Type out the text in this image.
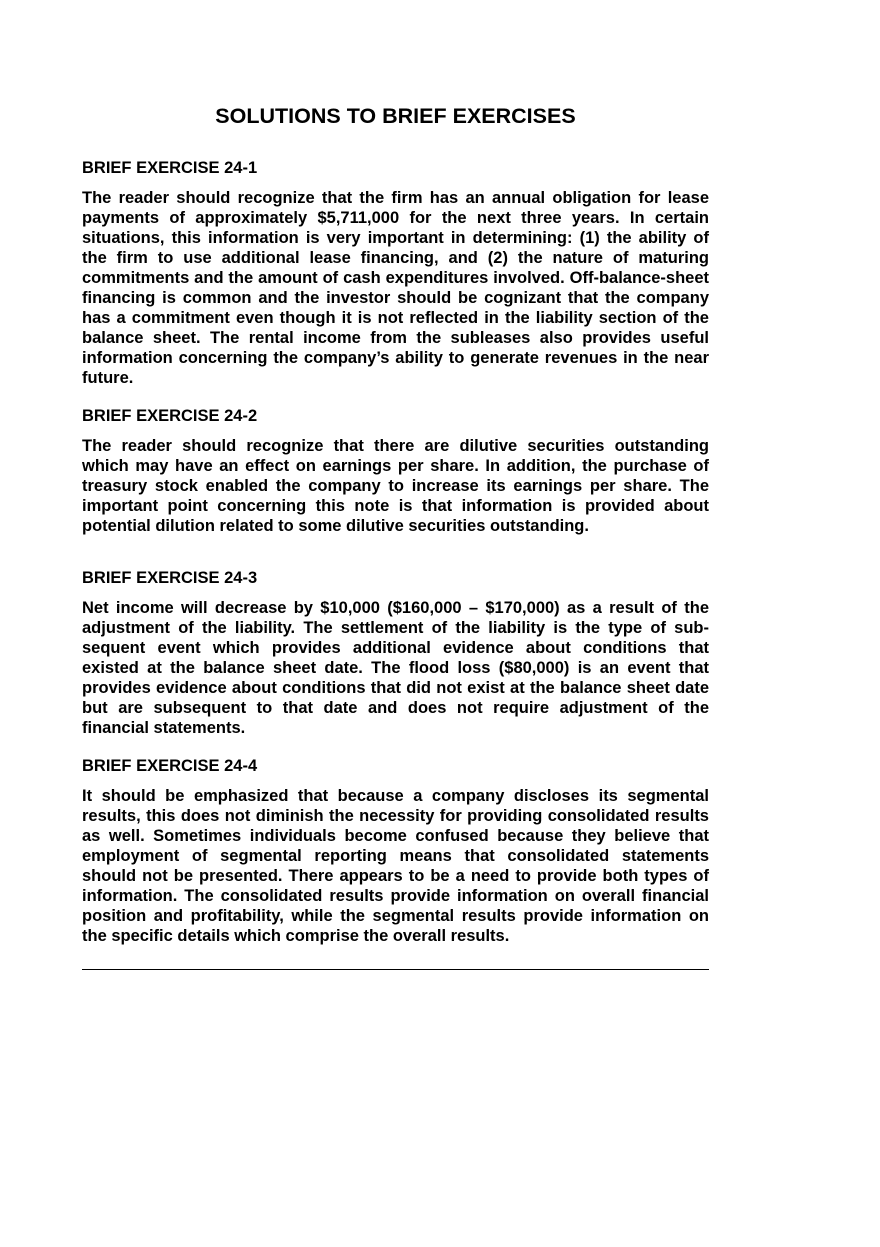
SOLUTIONS TO BRIEF EXERCISES
BRIEF EXERCISE 24-1

The reader should recognize that the firm has an annual obligation for lease payments of approximately $5,711,000 for the next three years. In certain situations, this information is very important in determining: (1) the ability of the firm to use additional lease financing, and (2) the nature of maturing commitments and the amount of cash expenditures involved. Off-balance-sheet financing is common and the investor should be cognizant that the company has a commitment even though it is not reflected in the liability section of the balance sheet. The rental income from the subleases also provides useful information concerning the company’s ability to generate revenues in the near future.

BRIEF EXERCISE 24-2

The reader should recognize that there are dilutive securities outstanding which may have an effect on earnings per share. In addition, the purchase of treasury stock enabled the company to increase its earnings per share. The important point concerning this note is that information is provided about potential dilution related to some dilutive securities outstanding.

BRIEF EXERCISE 24-3

Net income will decrease by $10,000 ($160,000 – $170,000) as a result of the adjustment of the liability. The settlement of the liability is the type of sub-sequent event which provides additional evidence about conditions that existed at the balance sheet date. The flood loss ($80,000) is an event that provides evidence about conditions that did not exist at the balance sheet date but are subsequent to that date and does not require adjustment of the financial statements.

BRIEF EXERCISE 24-4

It should be emphasized that because a company discloses its segmental results, this does not diminish the necessity for providing consolidated results as well. Sometimes individuals become confused because they believe that employment of segmental reporting means that consolidated statements should not be presented. There appears to be a need to provide both types of information. The consolidated results provide information on overall financial position and profitability, while the segmental results provide information on the specific details which comprise the overall results.
